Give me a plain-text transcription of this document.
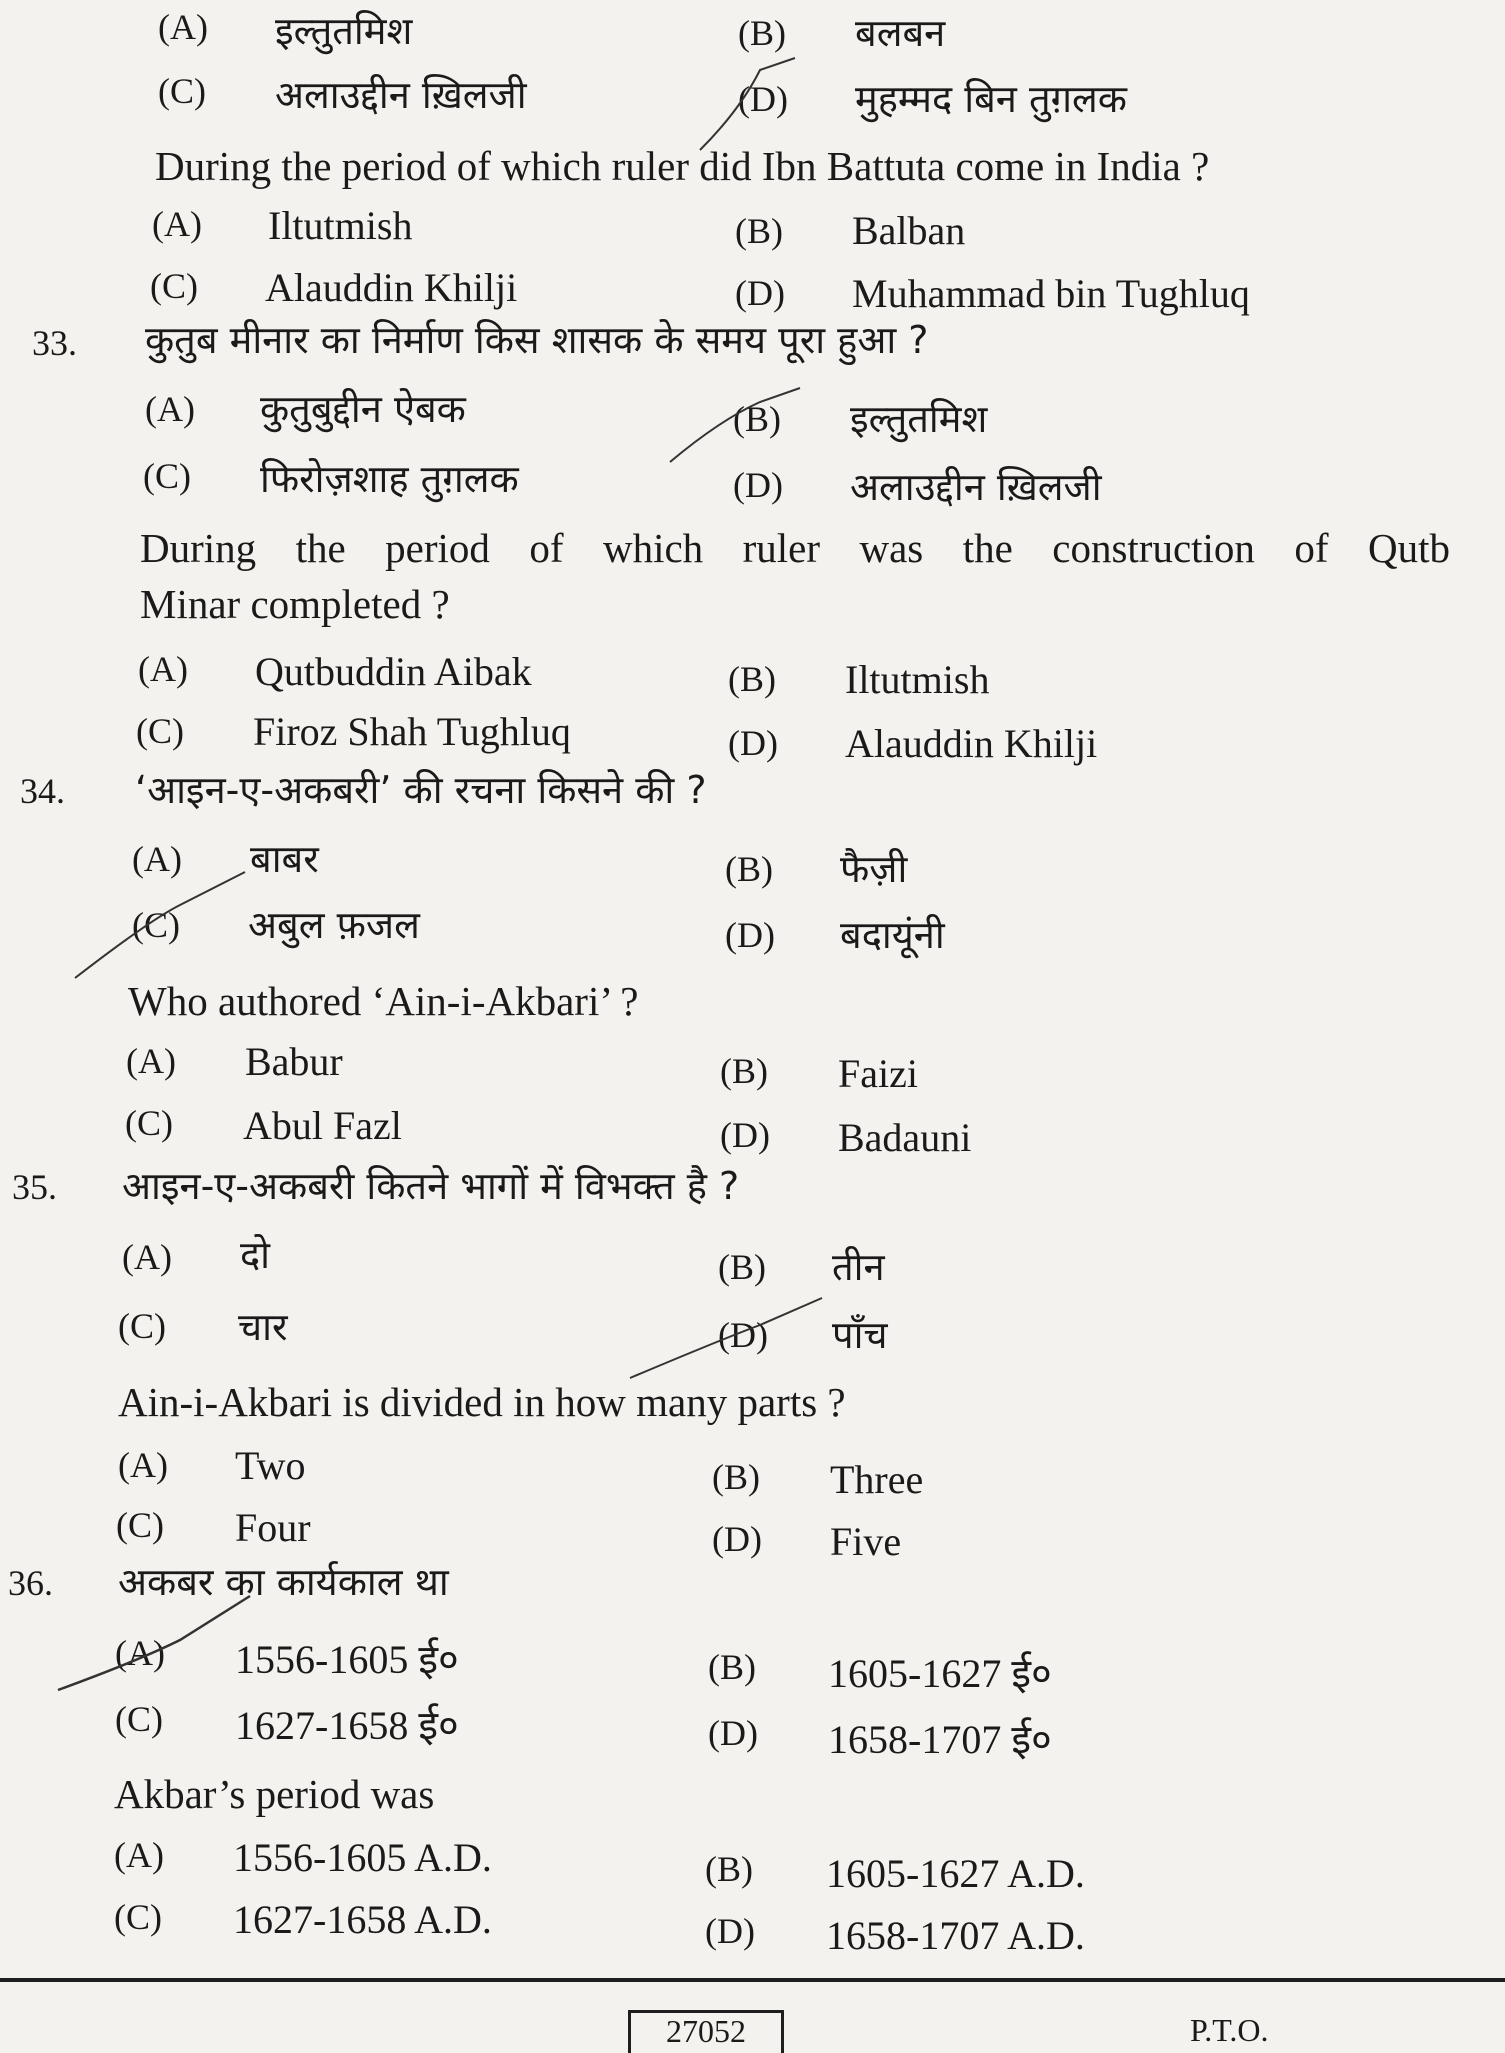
(A) इल्तुतमिश	(B) बलबन
(C) अलाउद्दीन ख़िलजी	(D) मुहम्मद बिन तुग़लक
During the period of which ruler did Ibn Battuta come in India ?
(A) Iltutmish	(B) Balban
(C) Alauddin Khilji	(D) Muhammad bin Tughluq
33. कुतुब मीनार का निर्माण किस शासक के समय पूरा हुआ ?
(A) कुतुबुद्दीन ऐबक	(B) इल्तुतमिश
(C) फिरोज़शाह तुग़लक	(D) अलाउद्दीन ख़िलजी
During the period of which ruler was the construction of Qutb
Minar completed ?
(A) Qutbuddin Aibak	(B) Iltutmish
(C) Firoz Shah Tughluq	(D) Alauddin Khilji
34. ‘आइन-ए-अकबरी’ की रचना किसने की ?
(A) बाबर	(B) फैज़ी
(C) अबुल फ़जल	(D) बदायूंनी
Who authored ‘Ain-i-Akbari’ ?
(A) Babur	(B) Faizi
(C) Abul Fazl	(D) Badauni
35. आइन-ए-अकबरी कितने भागों में विभक्त है ?
(A) दो	(B) तीन
(C) चार	(D) पाँच
Ain-i-Akbari is divided in how many parts ?
(A) Two	(B) Three
(C) Four	(D) Five
36. अकबर का कार्यकाल था
(A) 1556-1605 ई०	(B) 1605-1627 ई०
(C) 1627-1658 ई०	(D) 1658-1707 ई०
Akbar’s period was
(A) 1556-1605 A.D.	(B) 1605-1627 A.D.
(C) 1627-1658 A.D.	(D) 1658-1707 A.D.
27052	P.T.O.
